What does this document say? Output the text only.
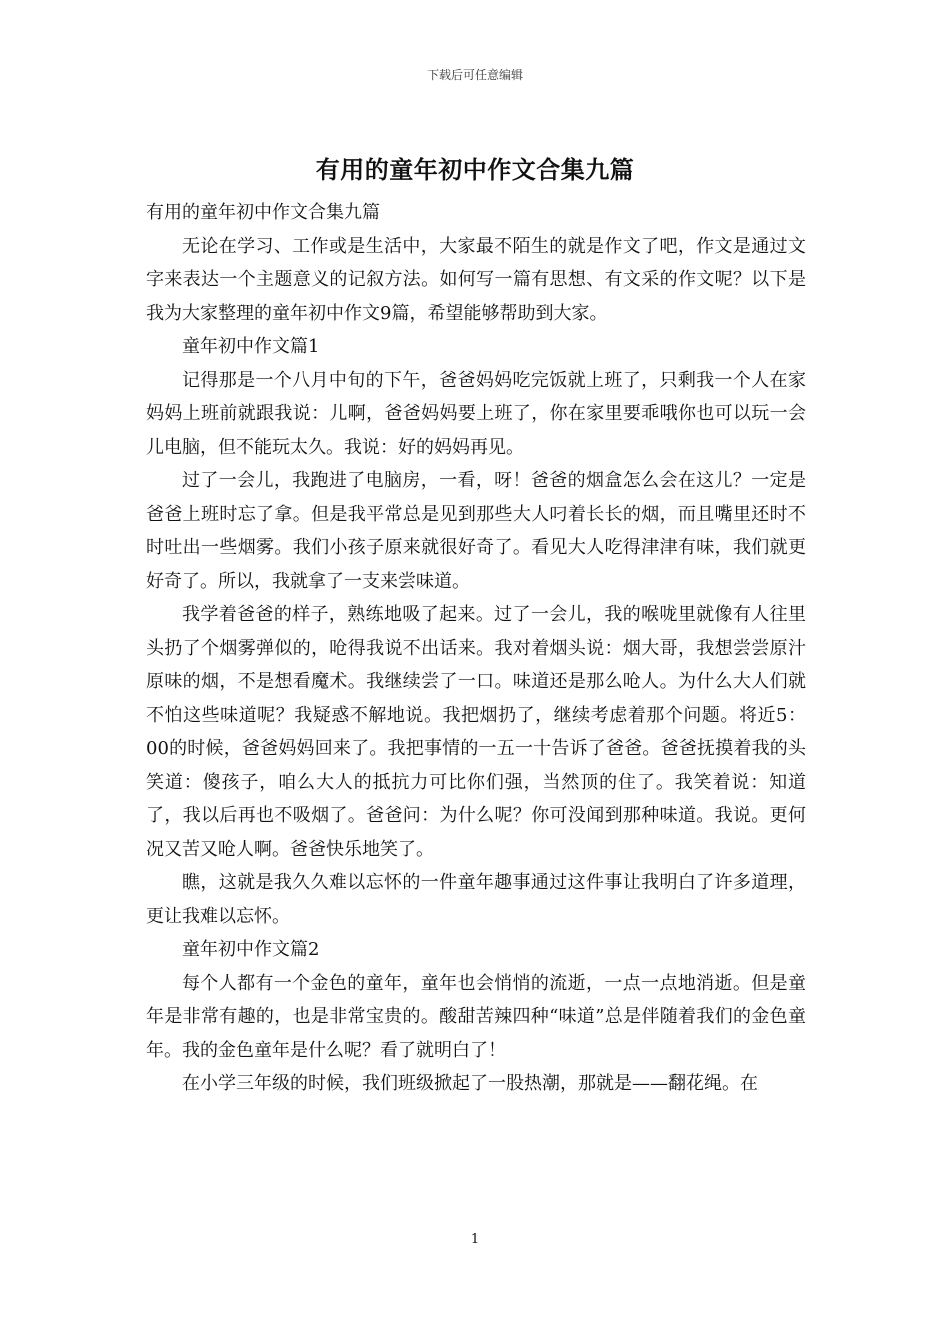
下载后可任意编辑
有用的童年初中作文合集九篇

有用的童年初中作文合集九篇

无论在学习、工作或是生活中，大家最不陌生的就是作文了吧，作文是通过文字来表达一个主题意义的记叙方法。如何写一篇有思想、有文采的作文呢？以下是我为大家整理的童年初中作文9篇，希望能够帮助到大家。

童年初中作文篇1

记得那是一个八月中旬的下午，爸爸妈妈吃完饭就上班了，只剩我一个人在家妈妈上班前就跟我说：儿啊，爸爸妈妈要上班了，你在家里要乖哦你也可以玩一会儿电脑，但不能玩太久。我说：好的妈妈再见。

过了一会儿，我跑进了电脑房，一看，呀！爸爸的烟盒怎么会在这儿？一定是爸爸上班时忘了拿。但是我平常总是见到那些大人叼着长长的烟，而且嘴里还时不时吐出一些烟雾。我们小孩子原来就很好奇了。看见大人吃得津津有味，我们就更好奇了。所以，我就拿了一支来尝味道。

我学着爸爸的样子，熟练地吸了起来。过了一会儿，我的喉咙里就像有人往里头扔了个烟雾弹似的，呛得我说不出话来。我对着烟头说：烟大哥，我想尝尝原汁原味的烟，不是想看魔术。我继续尝了一口。味道还是那么呛人。为什么大人们就不怕这些味道呢？我疑惑不解地说。我把烟扔了，继续考虑着那个问题。将近5：00的时候，爸爸妈妈回来了。我把事情的一五一十告诉了爸爸。爸爸抚摸着我的头笑道：傻孩子，咱么大人的抵抗力可比你们强，当然顶的住了。我笑着说：知道了，我以后再也不吸烟了。爸爸问：为什么呢？你可没闻到那种味道。我说。更何况又苦又呛人啊。爸爸快乐地笑了。

瞧，这就是我久久难以忘怀的一件童年趣事通过这件事让我明白了许多道理，更让我难以忘怀。

童年初中作文篇2

每个人都有一个金色的童年，童年也会悄悄的流逝，一点一点地消逝。但是童年是非常有趣的，也是非常宝贵的。酸甜苦辣四种“味道”总是伴随着我们的金色童年。我的金色童年是什么呢？看了就明白了！

在小学三年级的时候，我们班级掀起了一股热潮，那就是——翻花绳。在

1
